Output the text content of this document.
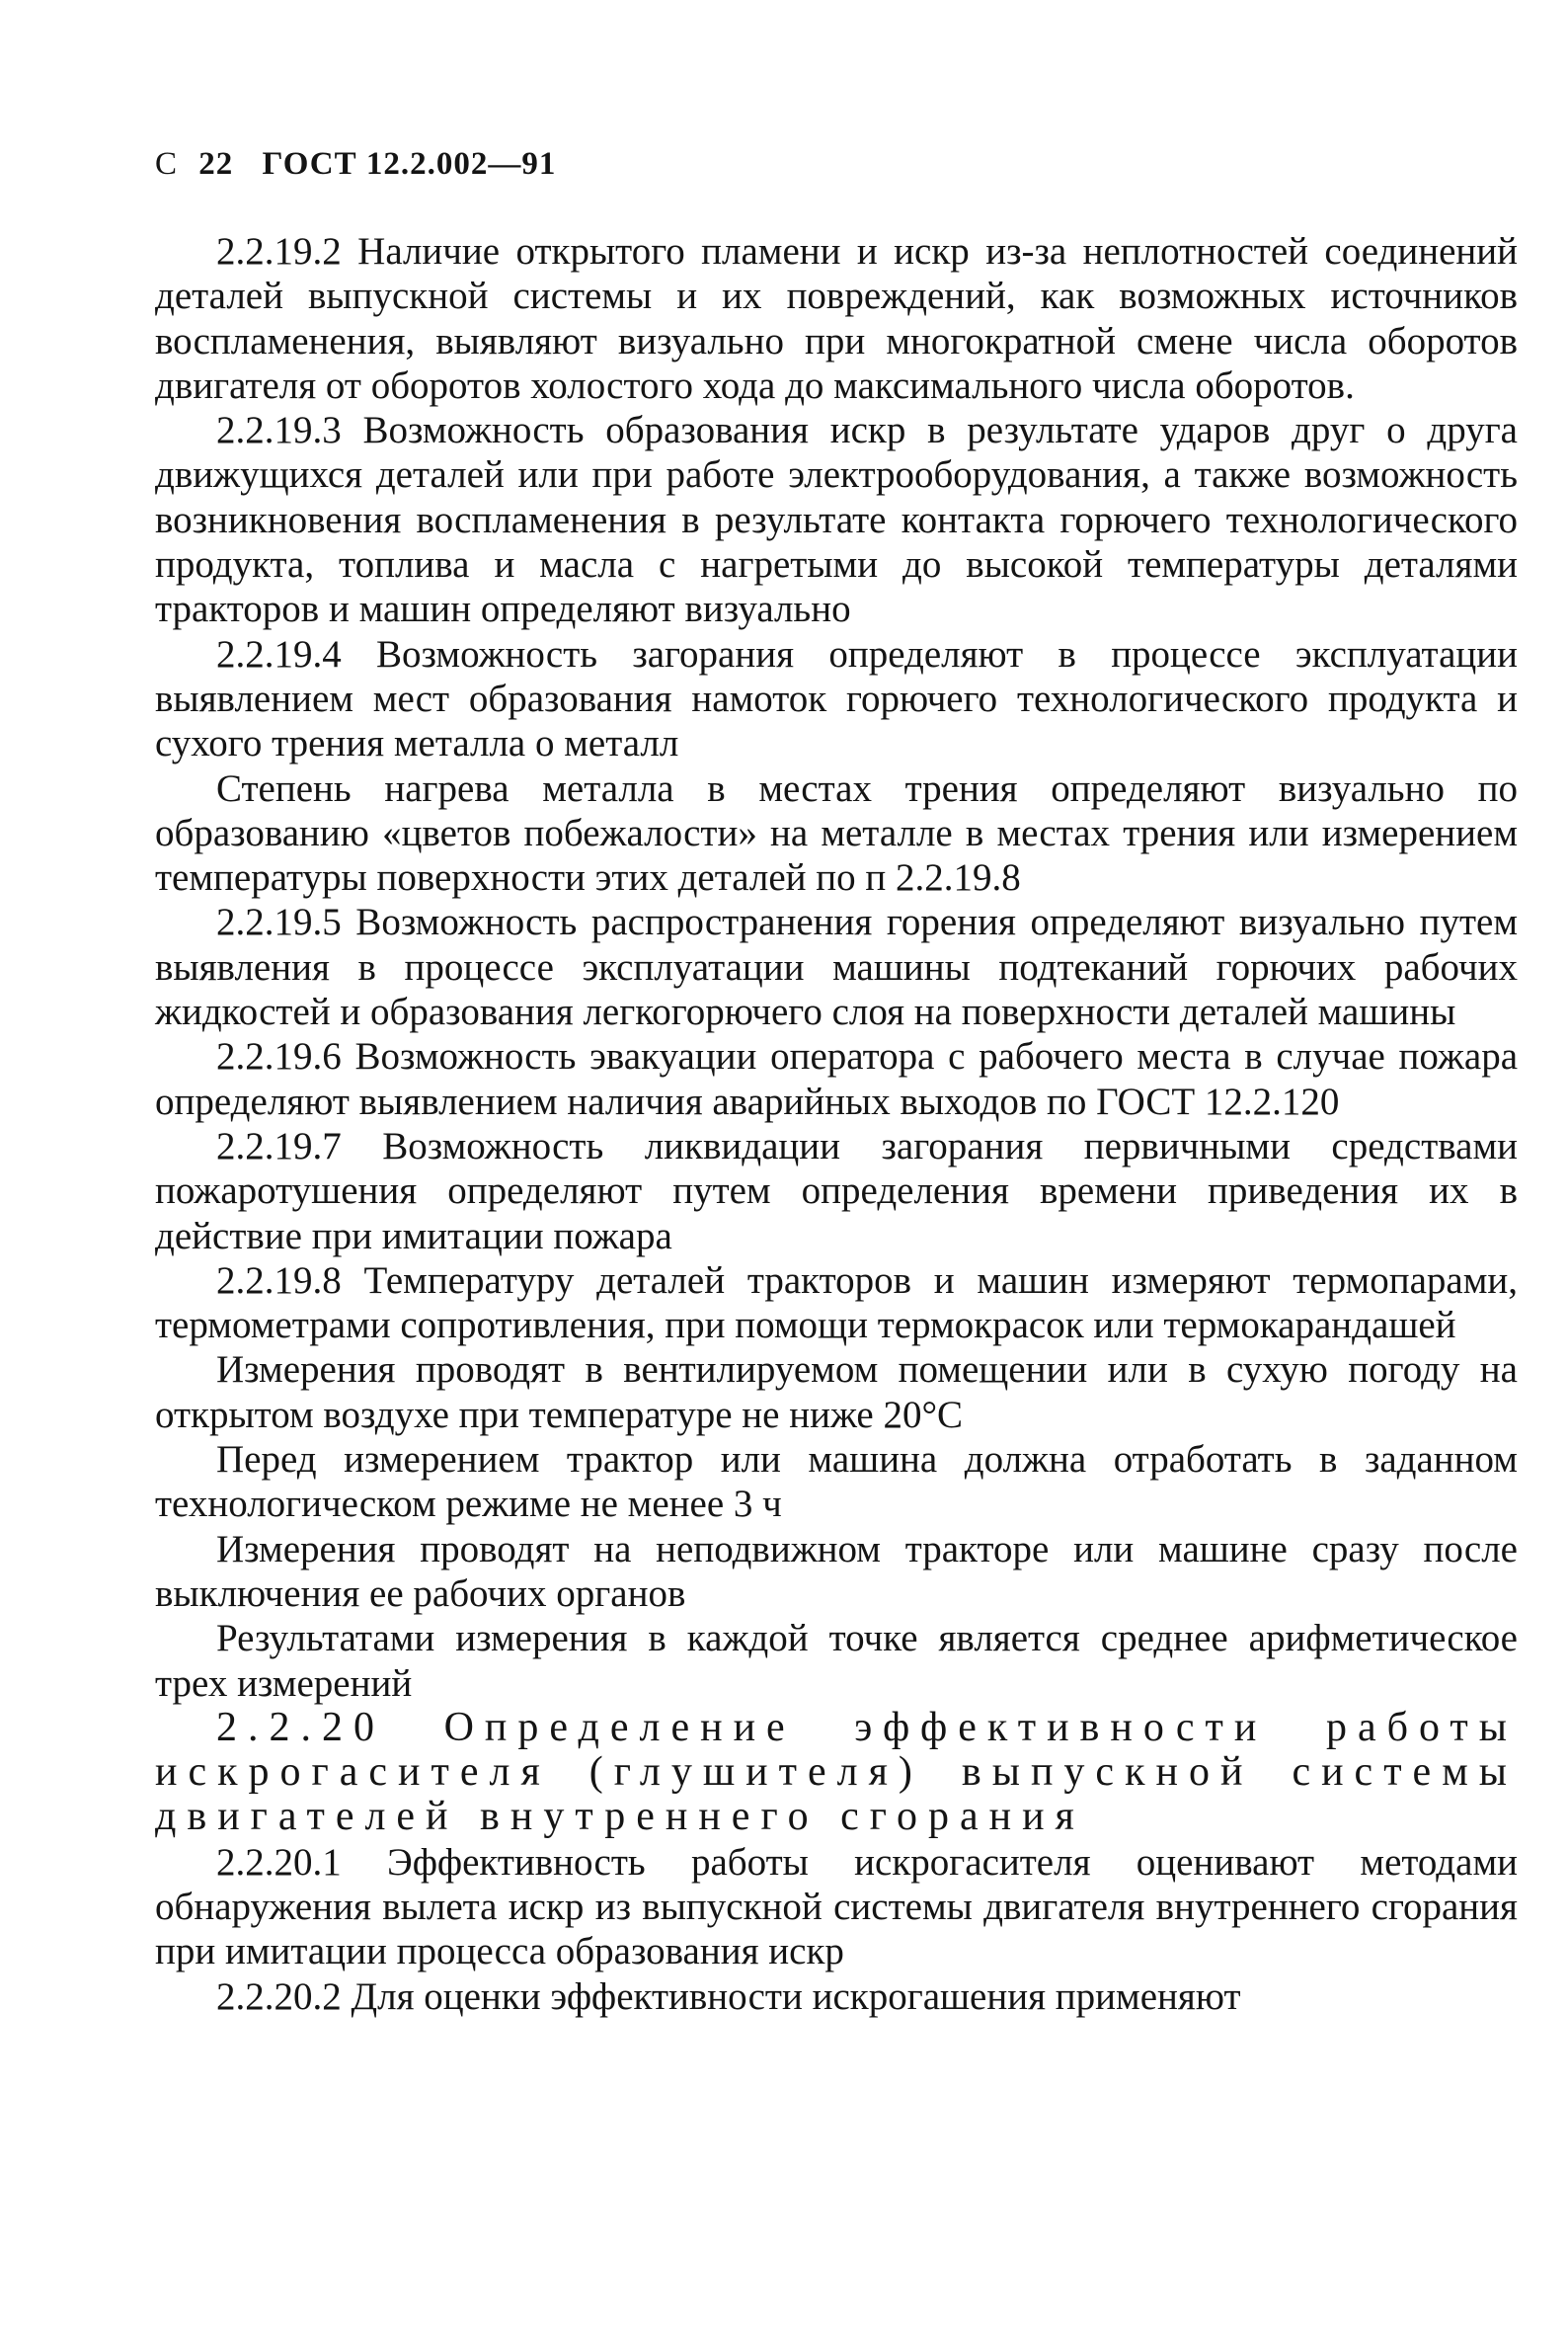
С 22 ГОСТ 12.2.002—91

2.2.19.2 Наличие открытого пламени и искр из-за неплотностей соединений деталей выпускной системы и их повреждений, как возможных источников воспламенения, выявляют визуально при многократной смене числа оборотов двигателя от оборотов холостого хода до максимального числа оборотов.

2.2.19.3 Возможность образования искр в результате ударов друг о друга движущихся деталей или при работе электрооборудования, а также возможность возникновения воспламенения в результате контакта горючего технологического продукта, топлива и масла с нагретыми до высокой температуры деталями тракторов и машин определяют визуально

2.2.19.4 Возможность загорания определяют в процессе эксплуатации выявлением мест образования намоток горючего технологического продукта и сухого трения металла о металл

Степень нагрева металла в местах трения определяют визуально по образованию «цветов побежалости» на металле в местах трения или измерением температуры поверхности этих деталей по п 2.2.19.8

2.2.19.5 Возможность распространения горения определяют визуально путем выявления в процессе эксплуатации машины подтеканий горючих рабочих жидкостей и образования легкогорючего слоя на поверхности деталей машины

2.2.19.6 Возможность эвакуации оператора с рабочего места в случае пожара определяют выявлением наличия аварийных выходов по ГОСТ 12.2.120

2.2.19.7 Возможность ликвидации загорания первичными средствами пожаротушения определяют путем определения времени приведения их в действие при имитации пожара

2.2.19.8 Температуру деталей тракторов и машин измеряют термопарами, термометрами сопротивления, при помощи термокрасок или термокарандашей

Измерения проводят в вентилируемом помещении или в сухую погоду на открытом воздухе при температуре не ниже 20°С

Перед измерением трактор или машина должна отработать в заданном технологическом режиме не менее 3 ч

Измерения проводят на неподвижном тракторе или машине сразу после выключения ее рабочих органов

Результатами измерения в каждой точке является среднее арифметическое трех измерений

2.2.20 Определение эффективности работы искрогасителя (глушителя) выпускной системы двигателей внутреннего сгорания

2.2.20.1 Эффективность работы искрогасителя оценивают методами обнаружения вылета искр из выпускной системы двигателя внутреннего сгорания при имитации процесса образования искр

2.2.20.2 Для оценки эффективности искрогашения применяют
